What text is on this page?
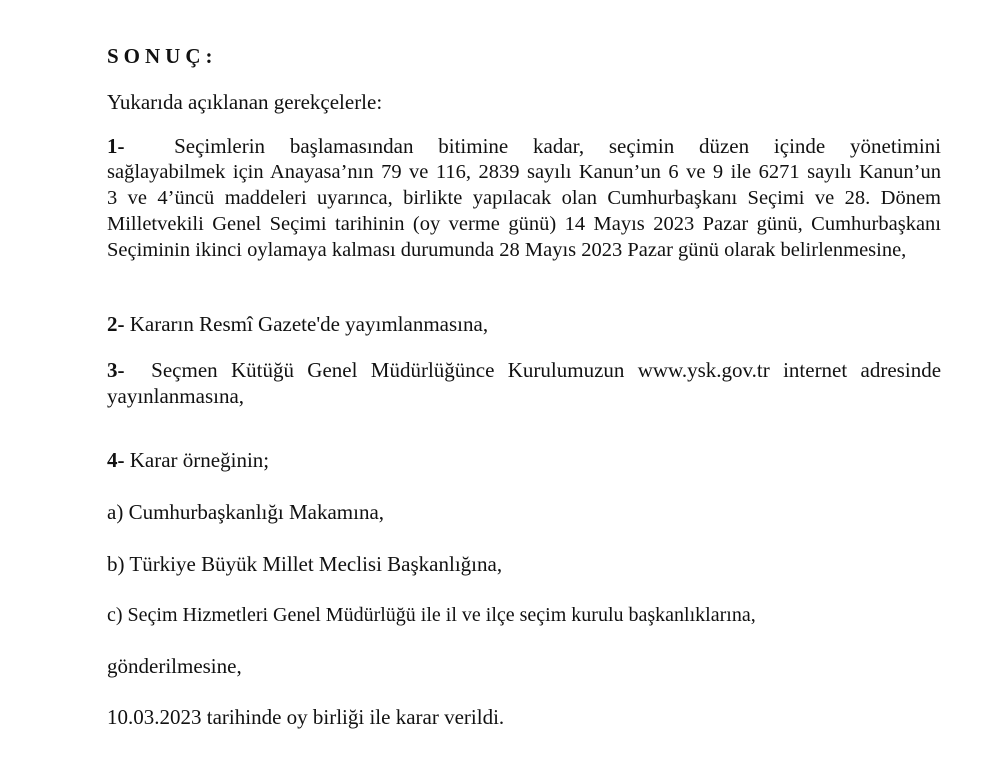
SONUÇ:
Yukarıda açıklanan gerekçelerle:
1- Seçimlerin başlamasından bitimine kadar, seçimin düzen içinde yönetimini
sağlayabilmek için Anayasa’nın 79 ve 116, 2839 sayılı Kanun’un 6 ve 9 ile 6271 sayılı Kanun’un
3 ve 4’üncü maddeleri uyarınca, birlikte yapılacak olan Cumhurbaşkanı Seçimi ve 28. Dönem
Milletvekili Genel Seçimi tarihinin (oy verme günü) 14 Mayıs 2023 Pazar günü, Cumhurbaşkanı
Seçiminin ikinci oylamaya kalması durumunda 28 Mayıs 2023 Pazar günü olarak belirlenmesine,
2- Kararın Resmî Gazete'de yayımlanmasına,
3- Seçmen Kütüğü Genel Müdürlüğünce Kurulumuzun www.ysk.gov.tr internet adresinde
yayınlanmasına,
4- Karar örneğinin;
a) Cumhurbaşkanlığı Makamına,
b) Türkiye Büyük Millet Meclisi Başkanlığına,
c) Seçim Hizmetleri Genel Müdürlüğü ile il ve ilçe seçim kurulu başkanlıklarına,
gönderilmesine,
10.03.2023 tarihinde oy birliği ile karar verildi.
